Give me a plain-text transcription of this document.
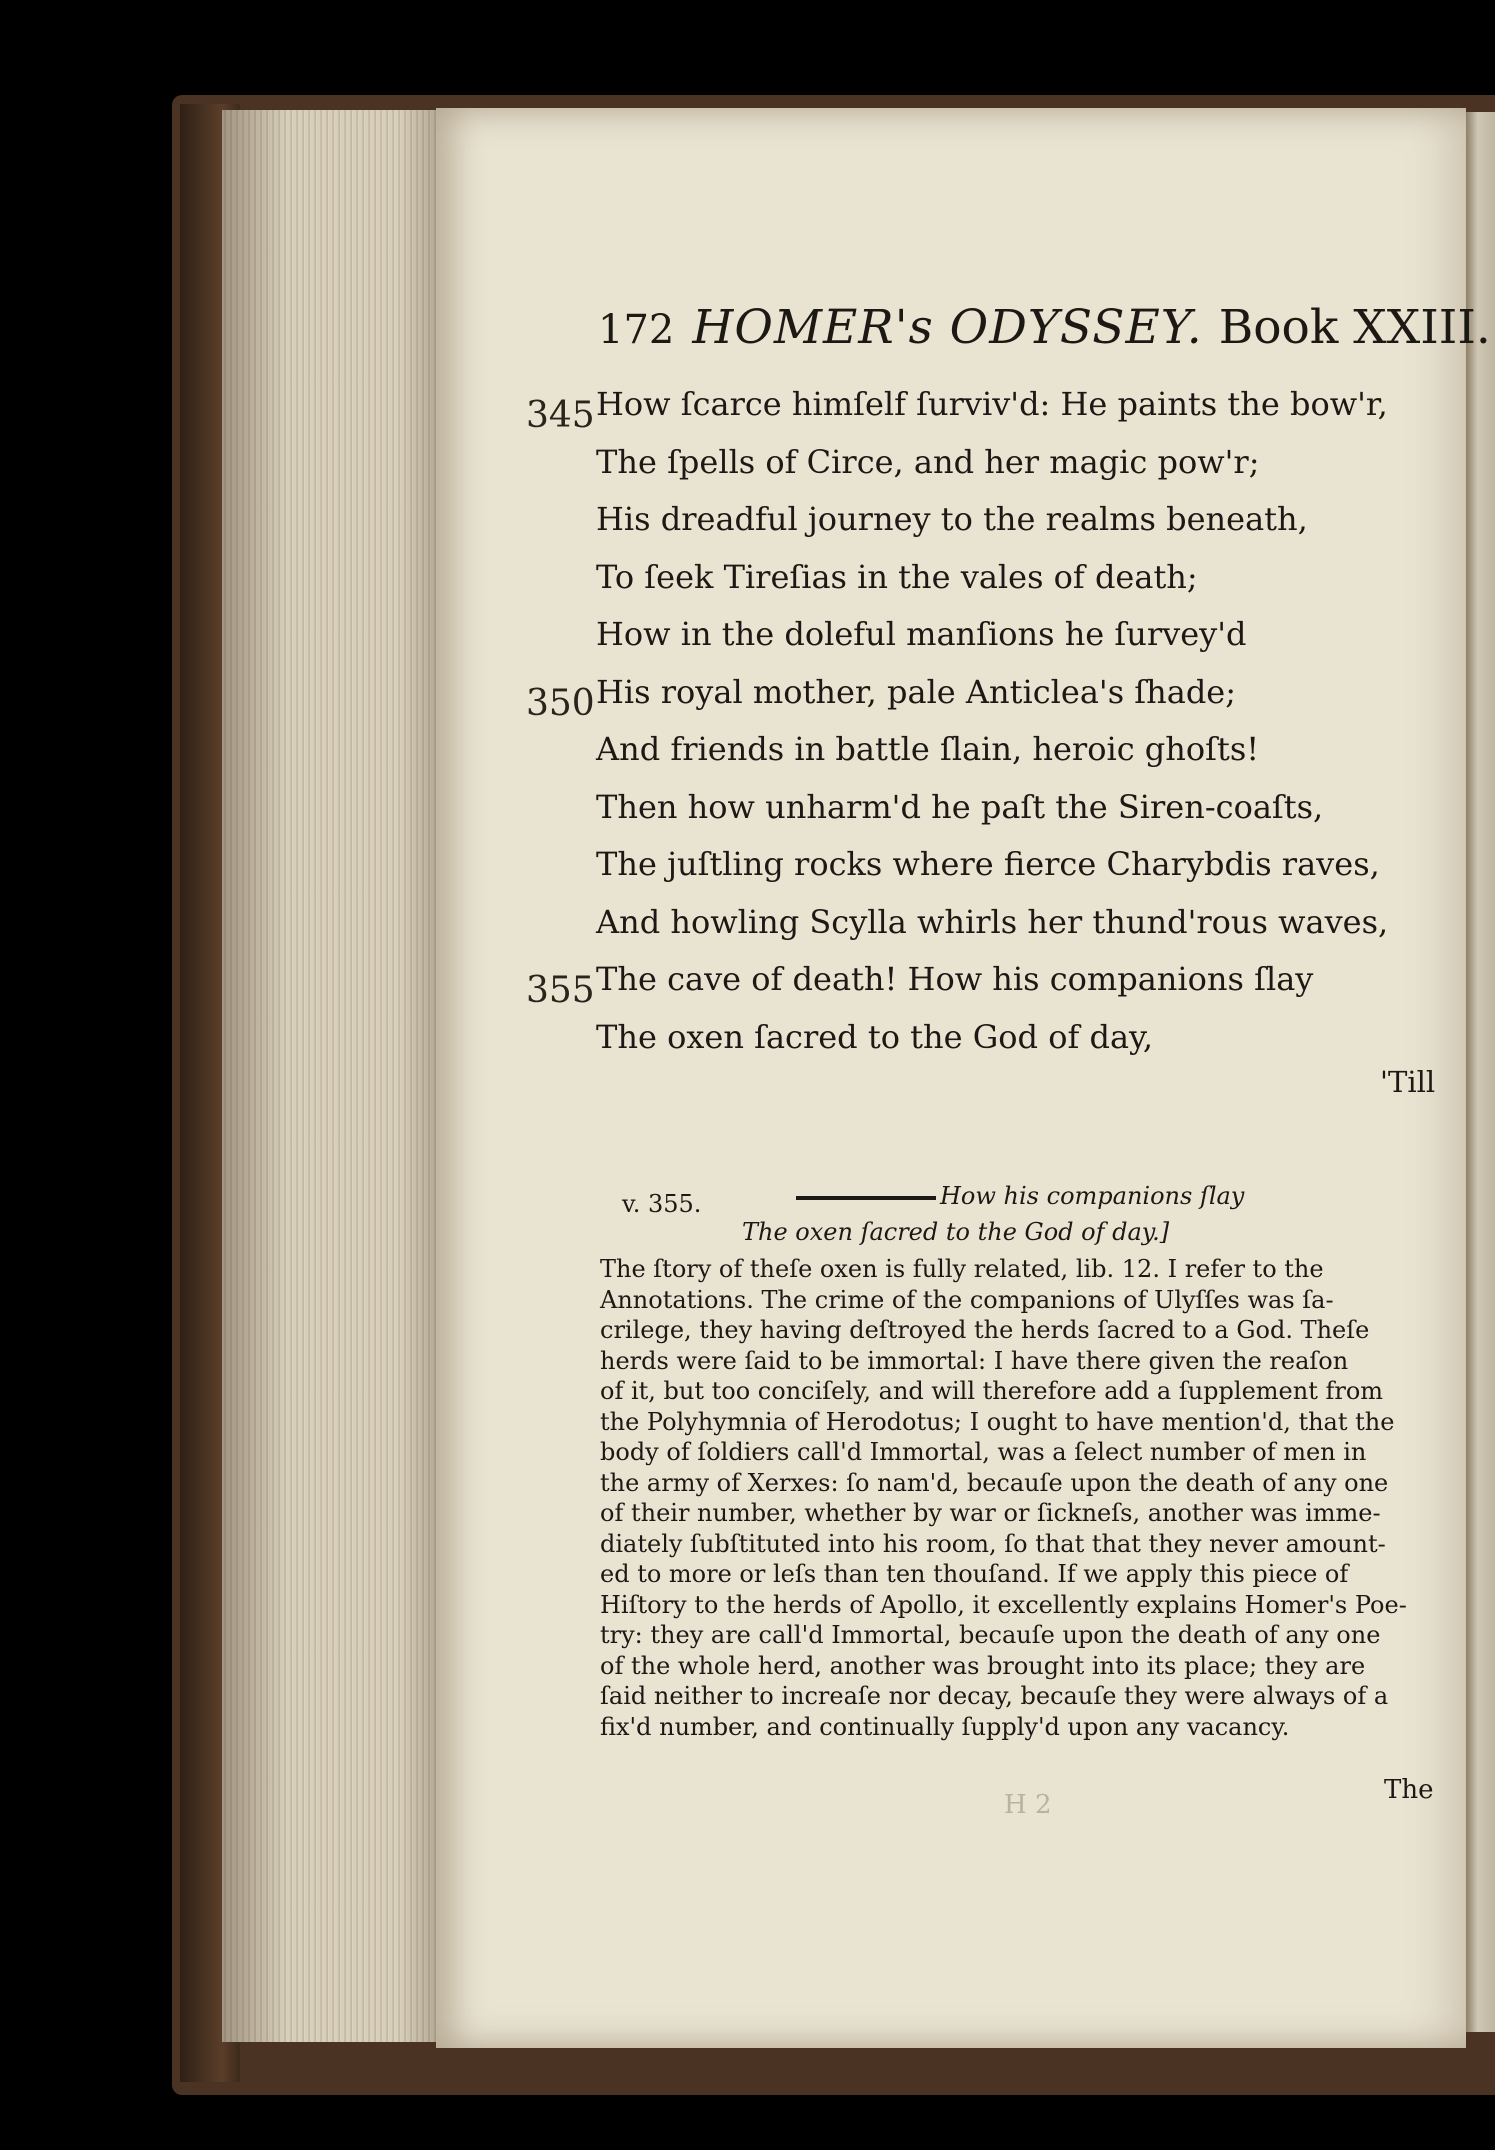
172 HOMER's ODYSSEY. Book XXIII.
How ſcarce himſelf ſurviv'd: He paints the bow'r,
The ſpells of Circe, and her magic pow'r;
His dreadful journey to the realms beneath,
To ſeek Tireſias in the vales of death;
How in the doleful manſions he ſurvey'd
His royal mother, pale Anticlea's ſhade;
And friends in battle ſlain, heroic ghoſts!
Then how unharm'd he paſt the Siren-coaſts,
The juſtling rocks where fierce Charybdis raves,
And howling Scylla whirls her thund'rous waves,
The cave of death! How his companions ſlay
The oxen ſacred to the God of day,
345
350
355
'Till
v. 355.	How his companions ſlay
The oxen ſacred to the God of day.]
The ſtory of theſe oxen is fully related, lib. 12. I refer to the
Annotations. The crime of the companions of Ulyſſes was ſa-
crilege, they having deſtroyed the herds ſacred to a God. Theſe
herds were ſaid to be immortal: I have there given the reaſon
of it, but too conciſely, and will therefore add a ſupplement from
the Polyhymnia of Herodotus; I ought to have mention'd, that the
body of ſoldiers call'd Immortal, was a ſelect number of men in
the army of Xerxes: ſo nam'd, becauſe upon the death of any one
of their number, whether by war or ſickneſs, another was imme-
diately ſubſtituted into his room, ſo that that they never amount-
ed to more or leſs than ten thouſand. If we apply this piece of
Hiſtory to the herds of Apollo, it excellently explains Homer's Poe-
try: they are call'd Immortal, becauſe upon the death of any one
of the whole herd, another was brought into its place; they are
ſaid neither to increaſe nor decay, becauſe they were always of a
fix'd number, and continually ſupply'd upon any vacancy.
The
H 2
